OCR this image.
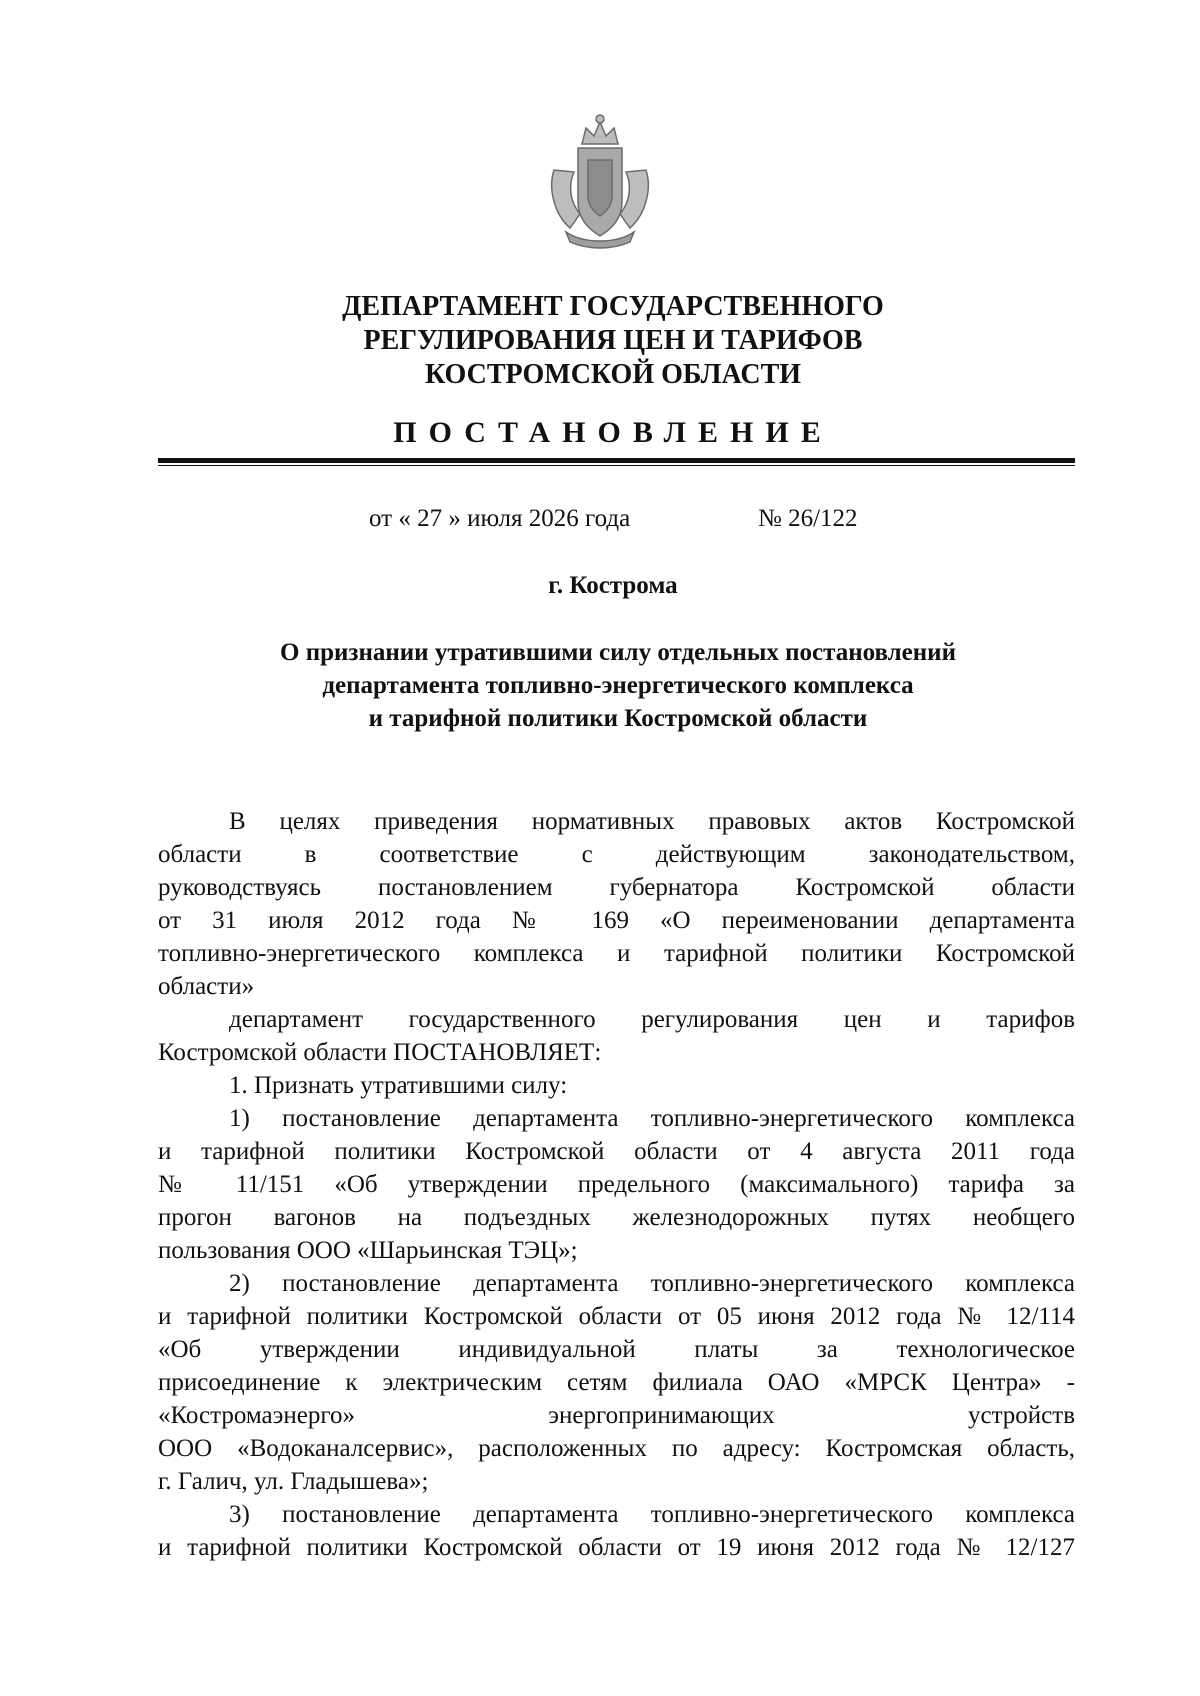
ДЕПАРТАМЕНТ ГОСУДАРСТВЕННОГО
РЕГУЛИРОВАНИЯ ЦЕН И ТАРИФОВ
КОСТРОМСКОЙ ОБЛАСТИ
ПОСТАНОВЛЕНИЕ
от « 27 » июля 2026 года	№ 26/122
г. Кострома
О признании утратившими силу отдельных постановлений
департамента топливно-энергетического комплекса
и тарифной политики Костромской области
В целях приведения нормативных правовых актов Костромской
области в соответствие с действующим законодательством,
руководствуясь постановлением губернатора Костромской области
от 31 июля 2012 года № 169 «О переименовании департамента
топливно-энергетического комплекса и тарифной политики Костромской
области»
департамент государственного регулирования цен и тарифов
Костромской области ПОСТАНОВЛЯЕТ:
1. Признать утратившими силу:
1) постановление департамента топливно-энергетического комплекса
и тарифной политики Костромской области от 4 августа 2011 года
№ 11/151 «Об утверждении предельного (максимального) тарифа за
прогон вагонов на подъездных железнодорожных путях необщего
пользования ООО «Шарьинская ТЭЦ»;
2) постановление департамента топливно-энергетического комплекса
и тарифной политики Костромской области от 05 июня 2012 года № 12/114
«Об утверждении индивидуальной платы за технологическое
присоединение к электрическим сетям филиала ОАО «МРСК Центра» -
«Костромаэнерго» энергопринимающих устройств
ООО «Водоканалсервис», расположенных по адресу: Костромская область,
г. Галич, ул. Гладышева»;
3) постановление департамента топливно-энергетического комплекса
и тарифной политики Костромской области от 19 июня 2012 года № 12/127
